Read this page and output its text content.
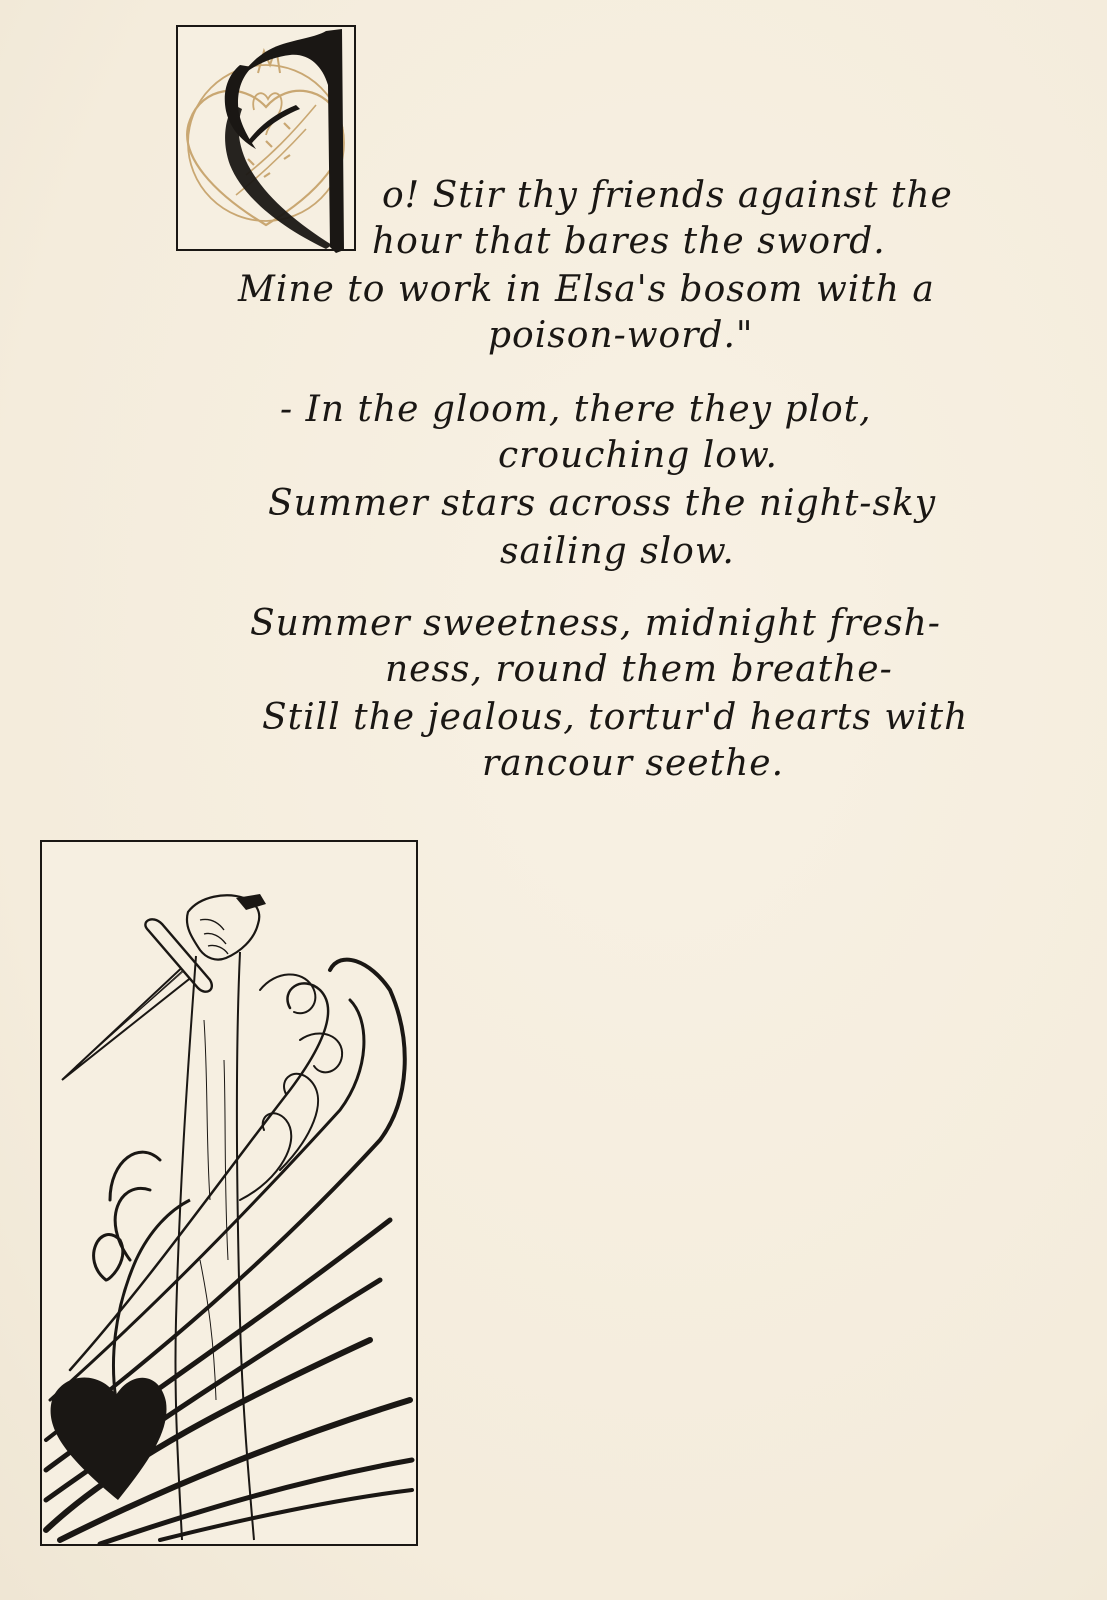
o! Stir thy friends against the
hour that bares the sword.
Mine to work in Elsa's bosom with a
poison-word."
- In the gloom, there they plot,
crouching low.
Summer stars across the night-sky
sailing slow.
Summer sweetness, midnight fresh-
ness, round them breathe-
Still the jealous, tortur'd hearts with
rancour seethe.
